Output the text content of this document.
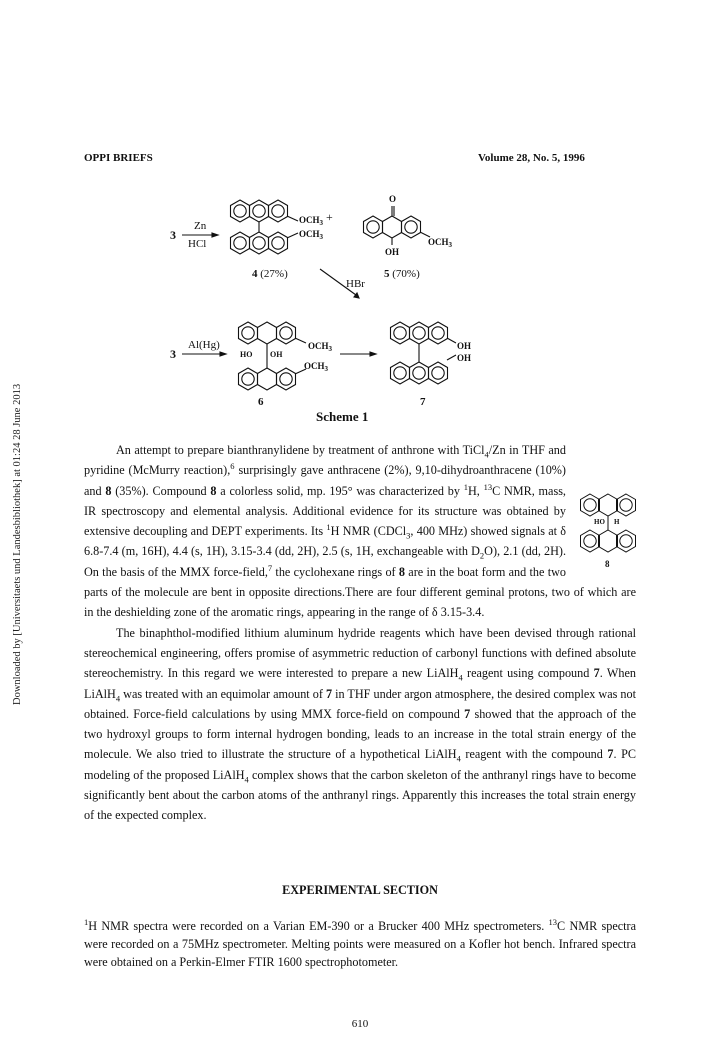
OPPI BRIEFS	Volume 28, No. 5, 1996
Downloaded by [Universitaets und Landesbibliothek] at 01:24 28 June 2013
3
Zn
HCl
$OCH_3$
$OCH_3$
+
O
OH
$OCH_3$
4 (27%)	5 (70%)
HBr
3
Al(Hg)
HO OH
$OCH_3$
$OCH_3$
OH
OH
6	7
Scheme 1
HO H
8

An attempt to prepare bianthranylidene by treatment of anthrone with TiCl$_4$/Zn in THF and pyridine (McMurry reaction),$^6$ surprisingly gave anthracene (2%), 9,10-dihydroanthracene (10%) and 8 (35%). Compound 8 a colorless solid, mp. 195° was characterized by $^1$H, $^{13}$C NMR, mass, IR spectroscopy and elemental analysis. Additional evidence for its structure was obtained by extensive decoupling and DEPT experiments. Its $^1$H NMR (CDCl$_3$, 400 MHz) showed signals at δ 6.8-7.4 (m, 16H), 4.4 (s, 1H), 3.15-3.4 (dd, 2H), 2.5 (s, 1H, exchangeable with $D_2O$), 2.1 (dd, 2H). On the basis of the MMX force-field,$^7$ the cyclohexane rings of 8 are in the boat form and the two parts of the molecule are bent in opposite directions.There are four different geminal protons, two of which are in the deshielding zone of the aromatic rings, appearing in the range of δ 3.15-3.4.

The binaphthol-modified lithium aluminum hydride reagents which have been devised through rational stereochemical engineering, offers promise of asymmetric reduction of carbonyl functions with defined absolute stereochemistry. In this regard we were interested to prepare a new LiAlH$_4$ reagent using compound 7. When LiAlH$_4$ was treated with an equimolar amount of 7 in THF under argon atmosphere, the desired complex was not obtained. Force-field calculations by using MMX force-field on compound 7 showed that the approach of the two hydroxyl groups to form internal hydrogen bonding, leads to an increase in the total strain energy of the molecule. We also tried to illustrate the structure of a hypothetical LiAlH$_4$ reagent with the compound 7. PC modeling of the proposed LiAlH$_4$ complex shows that the carbon skeleton of the anthranyl rings have to become significantly bent about the carbon atoms of the anthranyl rings. Apparently this increases the total strain energy of the expected complex.

EXPERIMENTAL SECTION
$^1$H NMR spectra were recorded on a Varian EM-390 or a Brucker 400 MHz spectrometers. $^{13}$C NMR spectra were recorded on a 75MHz spectrometer. Melting points were measured on a Kofler hot bench. Infrared spectra were obtained on a Perkin-Elmer FTIR 1600 spectrophotometer.
610
